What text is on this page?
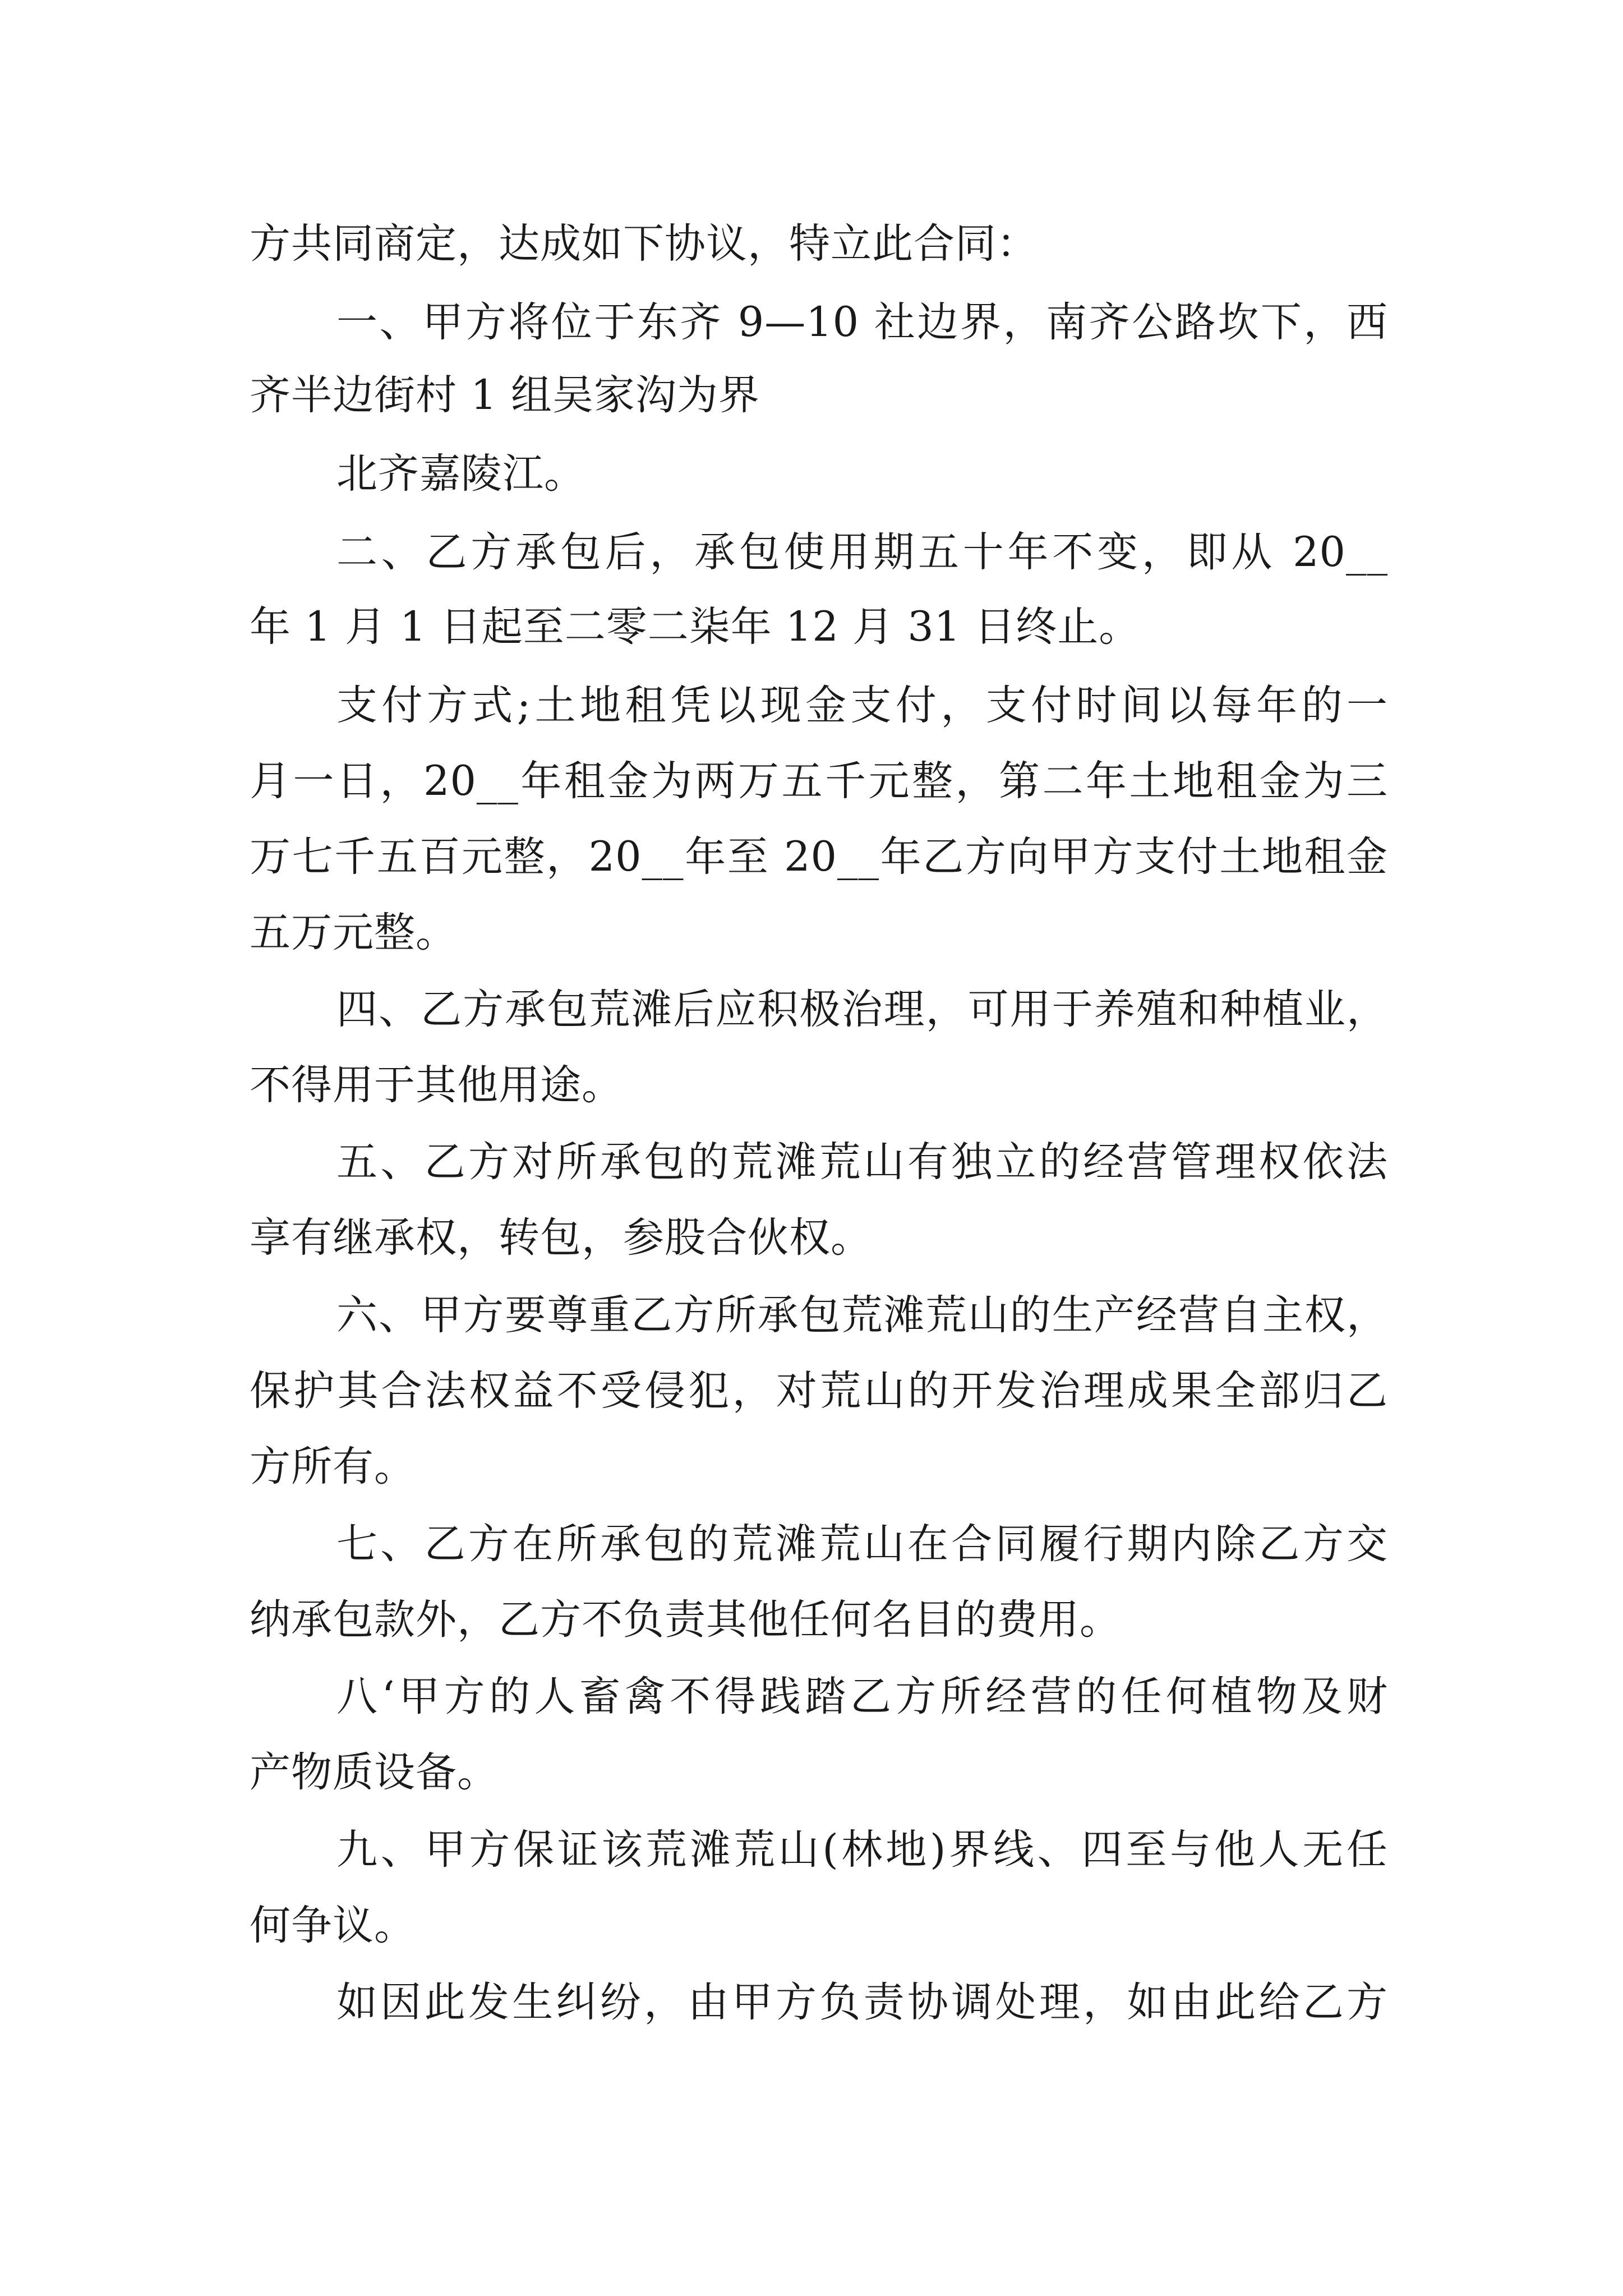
方共同商定，达成如下协议，特立此合同：
一、甲方将位于东齐 9—10 社边界，南齐公路坎下，西
齐半边街村 1 组吴家沟为界
北齐嘉陵江。
二、乙方承包后，承包使用期五十年不变，即从 20__
年 1 月 1 日起至二零二柒年 12 月 31 日终止。
支付方式;土地租凭以现金支付，支付时间以每年的一
月一日，20__年租金为两万五千元整，第二年土地租金为三
万七千五百元整，20__年至 20__年乙方向甲方支付土地租金
五万元整。
四、乙方承包荒滩后应积极治理，可用于养殖和种植业，
不得用于其他用途。
五、乙方对所承包的荒滩荒山有独立的经营管理权依法
享有继承权，转包，参股合伙权。
六、甲方要尊重乙方所承包荒滩荒山的生产经营自主权，
保护其合法权益不受侵犯，对荒山的开发治理成果全部归乙
方所有。
七、乙方在所承包的荒滩荒山在合同履行期内除乙方交
纳承包款外，乙方不负责其他任何名目的费用。
八‘甲方的人畜禽不得践踏乙方所经营的任何植物及财
产物质设备。
九、甲方保证该荒滩荒山(林地)界线、四至与他人无任
何争议。
如因此发生纠纷，由甲方负责协调处理，如由此给乙方
